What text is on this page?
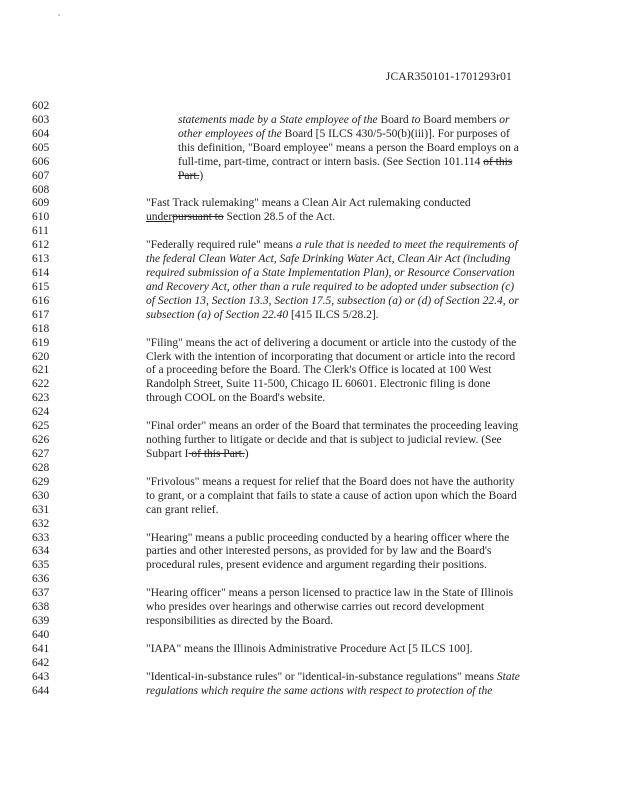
JCAR350101-1701293r01
602
603	statements made by a State employee of the Board to Board members or
604	other employees of the Board [5 ILCS 430/5-50(b)(iii)]. For purposes of
605	this definition, "Board employee" means a person the Board employs on a
606	full-time, part-time, contract or intern basis. (See Section 101.114 of this
607	Part.)
608
609	"Fast Track rulemaking" means a Clean Air Act rulemaking conducted
610	underpursuant to Section 28.5 of the Act.
611
612	"Federally required rule" means a rule that is needed to meet the requirements of
613	the federal Clean Water Act, Safe Drinking Water Act, Clean Air Act (including
614	required submission of a State Implementation Plan), or Resource Conservation
615	and Recovery Act, other than a rule required to be adopted under subsection (c)
616	of Section 13, Section 13.3, Section 17.5, subsection (a) or (d) of Section 22.4, or
617	subsection (a) of Section 22.40 [415 ILCS 5/28.2].
618
619	"Filing" means the act of delivering a document or article into the custody of the
620	Clerk with the intention of incorporating that document or article into the record
621	of a proceeding before the Board. The Clerk's Office is located at 100 West
622	Randolph Street, Suite 11-500, Chicago IL 60601. Electronic filing is done
623	through COOL on the Board's website.
624
625	"Final order" means an order of the Board that terminates the proceeding leaving
626	nothing further to litigate or decide and that is subject to judicial review. (See
627	Subpart I of this Part.)
628
629	"Frivolous" means a request for relief that the Board does not have the authority
630	to grant, or a complaint that fails to state a cause of action upon which the Board
631	can grant relief.
632
633	"Hearing" means a public proceeding conducted by a hearing officer where the
634	parties and other interested persons, as provided for by law and the Board's
635	procedural rules, present evidence and argument regarding their positions.
636
637	"Hearing officer" means a person licensed to practice law in the State of Illinois
638	who presides over hearings and otherwise carries out record development
639	responsibilities as directed by the Board.
640
641	"IAPA" means the Illinois Administrative Procedure Act [5 ILCS 100].
642
643	"Identical-in-substance rules" or "identical-in-substance regulations" means State
644	regulations which require the same actions with respect to protection of the
